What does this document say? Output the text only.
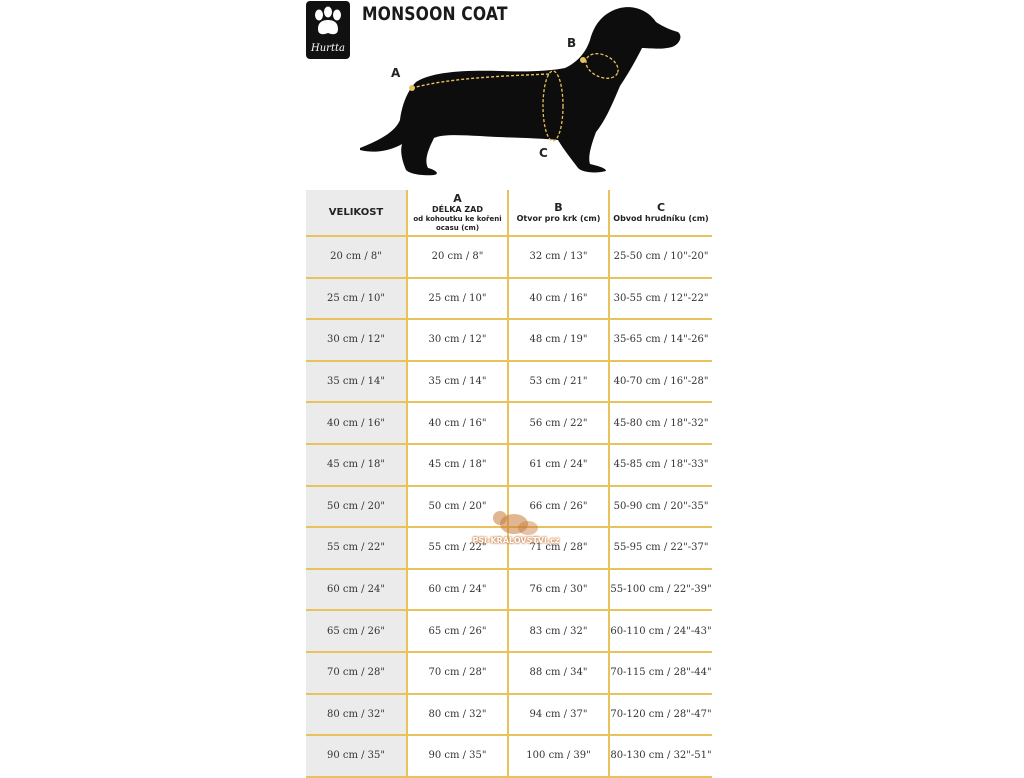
Hurtta
MONSOON COAT
A
B
C
VELIKOST	A
DÉLKA ZAD
od kohoutku ke kořeni ocasu (cm)	B
Otvor pro krk (cm)	C
Obvod hrudníku (cm)

20 cm / 8"	20 cm / 8"	32 cm / 13"	25-50 cm / 10"-20"
25 cm / 10"	25 cm / 10"	40 cm / 16"	30-55 cm / 12"-22"
30 cm / 12"	30 cm / 12"	48 cm / 19"	35-65 cm / 14"-26"
35 cm / 14"	35 cm / 14"	53 cm / 21"	40-70 cm / 16"-28"
40 cm / 16"	40 cm / 16"	56 cm / 22"	45-80 cm / 18"-32"
45 cm / 18"	45 cm / 18"	61 cm / 24"	45-85 cm / 18"-33"
50 cm / 20"	50 cm / 20"	66 cm / 26"	50-90 cm / 20"-35"
55 cm / 22"	55 cm / 22"	71 cm / 28"	55-95 cm / 22"-37"
60 cm / 24"	60 cm / 24"	76 cm / 30"	55-100 cm / 22"-39"
65 cm / 26"	65 cm / 26"	83 cm / 32"	60-110 cm / 24"-43"
70 cm / 28"	70 cm / 28"	88 cm / 34"	70-115 cm / 28"-44"
80 cm / 32"	80 cm / 32"	94 cm / 37"	70-120 cm / 28"-47"
90 cm / 35"	90 cm / 35"	100 cm / 39"	80-130 cm / 32"-51"
PSI-KRALOVSTVI.cz
